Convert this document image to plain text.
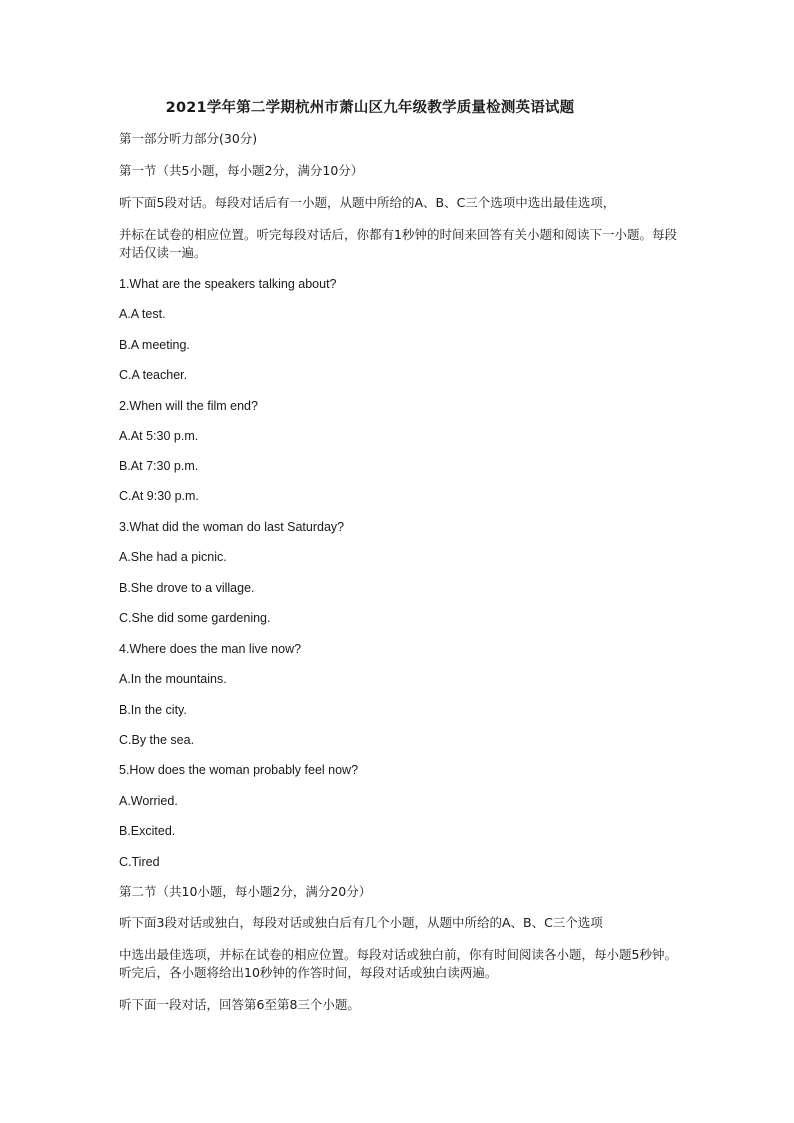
2021学年第二学期杭州市萧山区九年级教学质量检测英语试题
第一部分听力部分(30分)
第一节（共5小题，每小题2分，满分10分）
听下面5段对话。每段对话后有一小题，从题中所给的A、B、C三个选项中选出最佳选项，
并标在试卷的相应位置。听完每段对话后，你都有1秒钟的时间来回答有关小题和阅读下一小题。每段对话仅读一遍。
1.What are the speakers talking about?
A.A test.
B.A meeting.
C.A teacher.
2.When will the film end?
A.At 5:30 p.m.
B.At 7:30 p.m.
C.At 9:30 p.m.
3.What did the woman do last Saturday?
A.She had a picnic.
B.She drove to a village.
C.She did some gardening.
4.Where does the man live now?
A.In the mountains.
B.In the city.
C.By the sea.
5.How does the woman probably feel now?
A.Worried.
B.Excited.
C.Tired
第二节（共10小题，每小题2分，满分20分）
听下面3段对话或独白，每段对话或独白后有几个小题，从题中所给的A、B、C三个选项
中选出最佳选项，并标在试卷的相应位置。每段对话或独白前，你有时间阅读各小题，每小题5秒钟。听完后，各小题将给出10秒钟的作答时间，每段对话或独白读两遍。
听下面一段对话，回答第6至第8三个小题。
